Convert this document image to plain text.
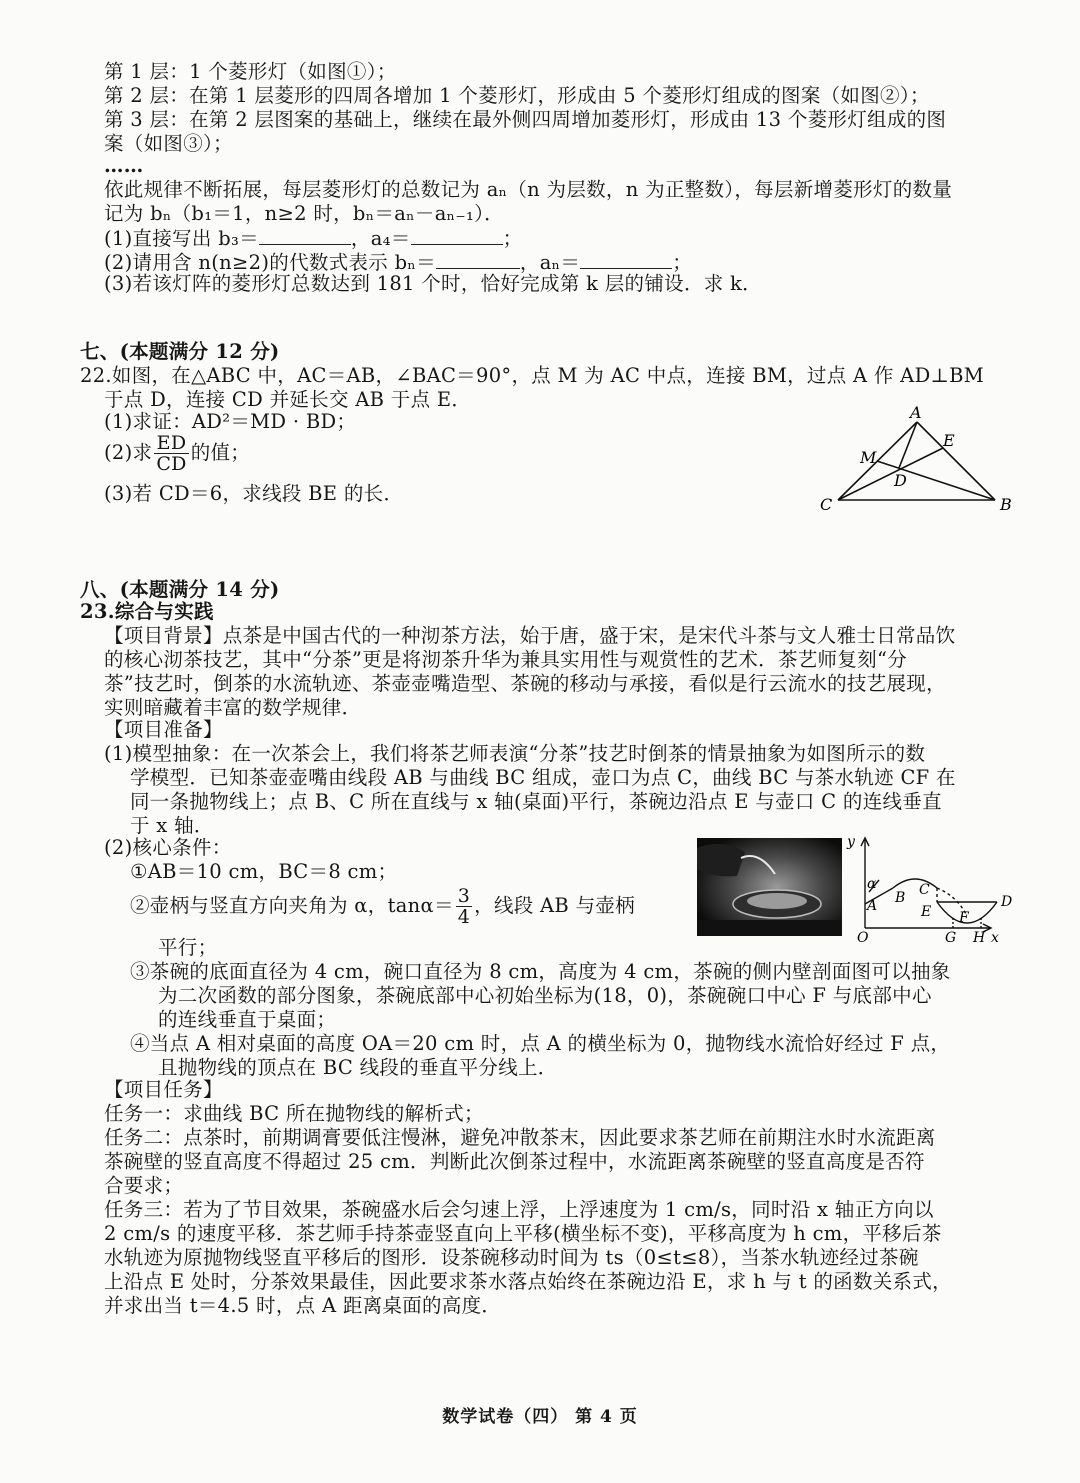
第 1 层：1 个菱形灯（如图①）；
第 2 层：在第 1 层菱形的四周各增加 1 个菱形灯，形成由 5 个菱形灯组成的图案（如图②）；
第 3 层：在第 2 层图案的基础上，继续在最外侧四周增加菱形灯，形成由 13 个菱形灯组成的图
案（如图③）；
……
依此规律不断拓展，每层菱形灯的总数记为 aₙ（n 为层数，n 为正整数），每层新增菱形灯的数量
记为 bₙ（b₁＝1，n≥2 时，bₙ＝aₙ－aₙ₋₁）．
(1)直接写出 b₃＝	，a₄＝	；
(2)请用含 n(n≥2)的代数式表示 bₙ＝	，aₙ＝	；
(3)若该灯阵的菱形灯总数达到 181 个时，恰好完成第 k 层的铺设．求 k．
七、(本题满分 12 分)
22.如图，在△ABC 中，AC＝AB，∠BAC＝90°，点 M 为 AC 中点，连接 BM，过点 A 作 AD⊥BM
于点 D，连接 CD 并延长交 AB 于点 E．
(1)求证：AD²＝MD · BD；
(2)求 $\frac{ED}{CD}$ 的值；
(3)若 CD＝6，求线段 BE 的长．
A
B
C
D
E
M
八、(本题满分 14 分)
23.综合与实践
【项目背景】点茶是中国古代的一种沏茶方法，始于唐，盛于宋，是宋代斗茶与文人雅士日常品饮
的核心沏茶技艺，其中“分茶”更是将沏茶升华为兼具实用性与观赏性的艺术．茶艺师复刻“分
茶”技艺时，倒茶的水流轨迹、茶壶壶嘴造型、茶碗的移动与承接，看似是行云流水的技艺展现，
实则暗藏着丰富的数学规律．
【项目准备】
(1)模型抽象：在一次茶会上，我们将茶艺师表演“分茶”技艺时倒茶的情景抽象为如图所示的数
学模型．已知茶壶壶嘴由线段 AB 与曲线 BC 组成，壶口为点 C，曲线 BC 与茶水轨迹 CF 在
同一条抛物线上；点 B、C 所在直线与 x 轴(桌面)平行，茶碗边沿点 E 与壶口 C 的连线垂直
于 x 轴．
(2)核心条件：
①AB＝10 cm，BC＝8 cm；
②壶柄与竖直方向夹角为 α，$\tan\alpha= \frac{3}{4}$ ，线段 AB 与壶柄
平行；
③茶碗的底面直径为 4 cm，碗口直径为 8 cm，高度为 4 cm，茶碗的侧内壁剖面图可以抽象
为二次函数的部分图象，茶碗底部中心初始坐标为(18，0)，茶碗碗口中心 F 与底部中心
的连线垂直于桌面；
④当点 A 相对桌面的高度 OA＝20 cm 时，点 A 的横坐标为 0，抛物线水流恰好经过 F 点，
且抛物线的顶点在 BC 线段的垂直平分线上．
【项目任务】
任务一：求曲线 BC 所在抛物线的解析式；
任务二：点茶时，前期调膏要低注慢淋，避免冲散茶末，因此要求茶艺师在前期注水时水流距离
茶碗壁的竖直高度不得超过 25 cm．判断此次倒茶过程中，水流距离茶碗壁的竖直高度是否符
合要求；
任务三：若为了节目效果，茶碗盛水后会匀速上浮，上浮速度为 1 cm/s，同时沿 x 轴正方向以
2 cm/s 的速度平移．茶艺师手持茶壶竖直向上平移(横坐标不变)，平移高度为 h cm，平移后茶
水轨迹为原抛物线竖直平移后的图形．设茶碗移动时间为 ts（0≤t≤8），当茶水轨迹经过茶碗
上沿点 E 处时，分茶效果最佳，因此要求茶水落点始终在茶碗边沿 E，求 h 与 t 的函数关系式，
并求出当 t＝4.5 时，点 A 距离桌面的高度．
y
x
O
A
α
B C
D
E F
G H
数学试卷（四） 第 4 页
